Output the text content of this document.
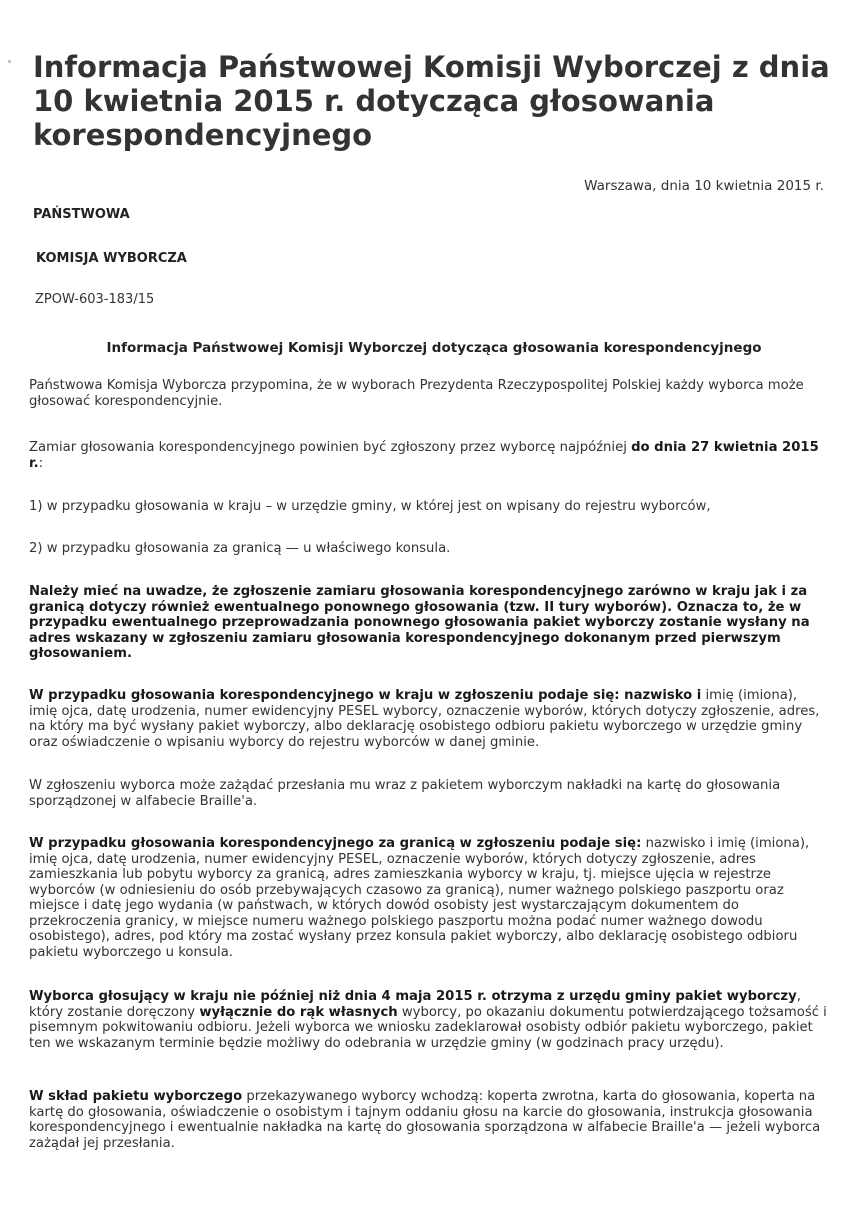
Informacja Państwowej Komisji Wyborczej z dnia 10 kwietnia 2015 r. dotycząca głosowania korespondencyjnego
Warszawa, dnia 10 kwietnia 2015 r.
PAŃSTWOWA
KOMISJA WYBORCZA
ZPOW-603-183/15
Informacja Państwowej Komisji Wyborczej dotycząca głosowania korespondencyjnego

Państwowa Komisja Wyborcza przypomina, że w wyborach Prezydenta Rzeczypospolitej Polskiej każdy wyborca może głosować korespondencyjnie.

Zamiar głosowania korespondencyjnego powinien być zgłoszony przez wyborcę najpóźniej do dnia 27 kwietnia 2015 r.:

1) w przypadku głosowania w kraju – w urzędzie gminy, w której jest on wpisany do rejestru wyborców,

2) w przypadku głosowania za granicą — u właściwego konsula.

Należy mieć na uwadze, że zgłoszenie zamiaru głosowania korespondencyjnego zarówno w kraju jak i za granicą dotyczy również ewentualnego ponownego głosowania (tzw. II tury wyborów). Oznacza to, że w przypadku ewentualnego przeprowadzania ponownego głosowania pakiet wyborczy zostanie wysłany na adres wskazany w zgłoszeniu zamiaru głosowania korespondencyjnego dokonanym przed pierwszym głosowaniem.

W przypadku głosowania korespondencyjnego w kraju w zgłoszeniu podaje się: nazwisko i imię (imiona), imię ojca, datę urodzenia, numer ewidencyjny PESEL wyborcy, oznaczenie wyborów, których dotyczy zgłoszenie, adres, na który ma być wysłany pakiet wyborczy, albo deklarację osobistego odbioru pakietu wyborczego w urzędzie gminy oraz oświadczenie o wpisaniu wyborcy do rejestru wyborców w danej gminie.

W zgłoszeniu wyborca może zażądać przesłania mu wraz z pakietem wyborczym nakładki na kartę do głosowania sporządzonej w alfabecie Braille'a.

W przypadku głosowania korespondencyjnego za granicą w zgłoszeniu podaje się: nazwisko i imię (imiona), imię ojca, datę urodzenia, numer ewidencyjny PESEL, oznaczenie wyborów, których dotyczy zgłoszenie, adres zamieszkania lub pobytu wyborcy za granicą, adres zamieszkania wyborcy w kraju, tj. miejsce ujęcia w rejestrze wyborców (w odniesieniu do osób przebywających czasowo za granicą), numer ważnego polskiego paszportu oraz miejsce i datę jego wydania (w państwach, w których dowód osobisty jest wystarczającym dokumentem do przekroczenia granicy, w miejsce numeru ważnego polskiego paszportu można podać numer ważnego dowodu osobistego), adres, pod który ma zostać wysłany przez konsula pakiet wyborczy, albo deklarację osobistego odbioru pakietu wyborczego u konsula.

Wyborca głosujący w kraju nie później niż dnia 4 maja 2015 r. otrzyma z urzędu gminy pakiet wyborczy, który zostanie doręczony wyłącznie do rąk własnych wyborcy, po okazaniu dokumentu potwierdzającego tożsamość i pisemnym pokwitowaniu odbioru. Jeżeli wyborca we wniosku zadeklarował osobisty odbiór pakietu wyborczego, pakiet ten we wskazanym terminie będzie możliwy do odebrania w urzędzie gminy (w godzinach pracy urzędu).

W skład pakietu wyborczego przekazywanego wyborcy wchodzą: koperta zwrotna, karta do głosowania, koperta na kartę do głosowania, oświadczenie o osobistym i tajnym oddaniu głosu na karcie do głosowania, instrukcja głosowania korespondencyjnego i ewentualnie nakładka na kartę do głosowania sporządzona w alfabecie Braille'a — jeżeli wyborca zażądał jej przesłania.
